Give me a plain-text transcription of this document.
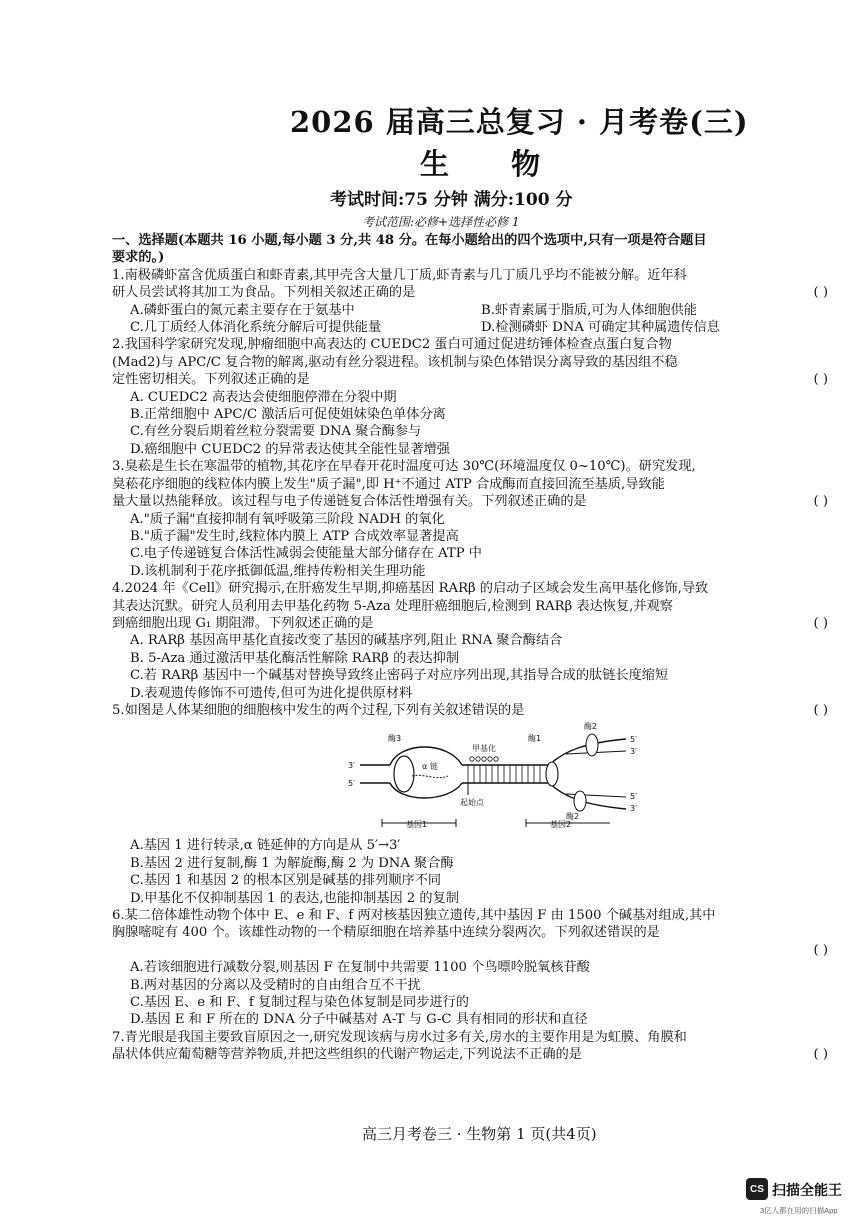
2026 届高三总复习 · 月考卷(三)
生 物
考试时间:75 分钟 满分:100 分
考试范围:必修+选择性必修 1
一、选择题(本题共 16 小题,每小题 3 分,共 48 分。在每小题给出的四个选项中,只有一项是符合题目
要求的。)
1.南极磷虾富含优质蛋白和虾青素,其甲壳含大量几丁质,虾青素与几丁质几乎均不能被分解。近年科
研人员尝试将其加工为食品。下列相关叙述正确的是	( )
A.磷虾蛋白的氮元素主要存在于氨基中	B.虾青素属于脂质,可为人体细胞供能
C.几丁质经人体消化系统分解后可提供能量	D.检测磷虾 DNA 可确定其种属遗传信息
2.我国科学家研究发现,肿瘤细胞中高表达的 CUEDC2 蛋白可通过促进纺锤体检查点蛋白复合物
(Mad2)与 APC/C 复合物的解离,驱动有丝分裂进程。该机制与染色体错误分离导致的基因组不稳
定性密切相关。下列叙述正确的是	( )
A. CUEDC2 高表达会使细胞停滞在分裂中期
B.正常细胞中 APC/C 激活后可促使姐妹染色单体分离
C.有丝分裂后期着丝粒分裂需要 DNA 聚合酶参与
D.癌细胞中 CUEDC2 的异常表达使其全能性显著增强
3.臭菘是生长在寒温带的植物,其花序在早春开花时温度可达 30℃(环境温度仅 0~10℃)。研究发现,
臭菘花序细胞的线粒体内膜上发生"质子漏",即 H⁺不通过 ATP 合成酶而直接回流至基质,导致能
量大量以热能释放。该过程与电子传递链复合体活性增强有关。下列叙述正确的是	( )
A."质子漏"直接抑制有氧呼吸第三阶段 NADH 的氧化
B."质子漏"发生时,线粒体内膜上 ATP 合成效率显著提高
C.电子传递链复合体活性减弱会使能量大部分储存在 ATP 中
D.该机制利于花序抵御低温,维持传粉相关生理功能
4.2024 年《Cell》研究揭示,在肝癌发生早期,抑癌基因 RARβ 的启动子区域会发生高甲基化修饰,导致
其表达沉默。研究人员利用去甲基化药物 5-Aza 处理肝癌细胞后,检测到 RARβ 表达恢复,并观察
到癌细胞出现 G₁ 期阻滞。下列叙述正确的是	( )
A. RARβ 基因高甲基化直接改变了基因的碱基序列,阻止 RNA 聚合酶结合
B. 5-Aza 通过激活甲基化酶活性解除 RARβ 的表达抑制
C.若 RARβ 基因中一个碱基对替换导致终止密码子对应序列出现,其指导合成的肽链长度缩短
D.表观遗传修饰不可遗传,但可为进化提供原材料
5.如图是人体某细胞的细胞核中发生的两个过程,下列有关叙述错误的是	( )
酶3
α 链
甲基化
酶1
酶2
酶2
起始点
3′
5′
5′
3′
5′
3′
基因1	基因2
A.基因 1 进行转录,α 链延伸的方向是从 5′→3′
B.基因 2 进行复制,酶 1 为解旋酶,酶 2 为 DNA 聚合酶
C.基因 1 和基因 2 的根本区别是碱基的排列顺序不同
D.甲基化不仅抑制基因 1 的表达,也能抑制基因 2 的复制
6.某二倍体雄性动物个体中 E、e 和 F、f 两对核基因独立遗传,其中基因 F 由 1500 个碱基对组成,其中
胸腺嘧啶有 400 个。该雄性动物的一个精原细胞在培养基中连续分裂两次。下列叙述错误的是
( )

A.若该细胞进行减数分裂,则基因 F 在复制中共需要 1100 个鸟嘌呤脱氧核苷酸
B.两对基因的分离以及受精时的自由组合互不干扰
C.基因 E、e 和 F、f 复制过程与染色体复制是同步进行的
D.基因 E 和 F 所在的 DNA 分子中碱基对 A-T 与 G-C 具有相同的形状和直径
7.青光眼是我国主要致盲原因之一,研究发现该病与房水过多有关,房水的主要作用是为虹膜、角膜和
晶状体供应葡萄糖等营养物质,并把这些组织的代谢产物运走,下列说法不正确的是	( )
高三月考卷三 · 生物第 1 页(共4页)
CS 扫描全能王
3亿人都在用的扫描App
